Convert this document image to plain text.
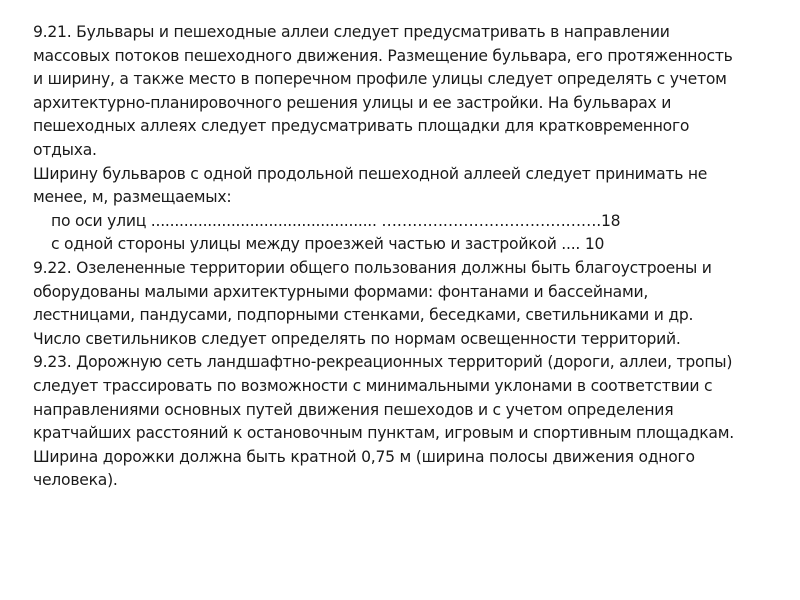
9.21. Бульвары и пешеходные аллеи следует предусматривать в направлении
массовых потоков пешеходного движения. Размещение бульвара, его протяженность
и ширину, а также место в поперечном профиле улицы следует определять с учетом
архитектурно-планировочного решения улицы и ее застройки. На бульварах и
пешеходных аллеях следует предусматривать площадки для кратковременного
отдыха.
Ширину бульваров с одной продольной пешеходной аллеей следует принимать не
менее, м, размещаемых:
по оси улиц ................................................ …………………………………….18
с одной стороны улицы между проезжей частью и застройкой .... 10
9.22. Озелененные территории общего пользования должны быть благоустроены и
оборудованы малыми архитектурными формами: фонтанами и бассейнами,
лестницами, пандусами, подпорными стенками, беседками, светильниками и др.
Число светильников следует определять по нормам освещенности территорий.
9.23. Дорожную сеть ландшафтно-рекреационных территорий (дороги, аллеи, тропы)
следует трассировать по возможности с минимальными уклонами в соответствии с
направлениями основных путей движения пешеходов и с учетом определения
кратчайших расстояний к остановочным пунктам, игровым и спортивным площадкам.
Ширина дорожки должна быть кратной 0,75 м (ширина полосы движения одного
человека).
